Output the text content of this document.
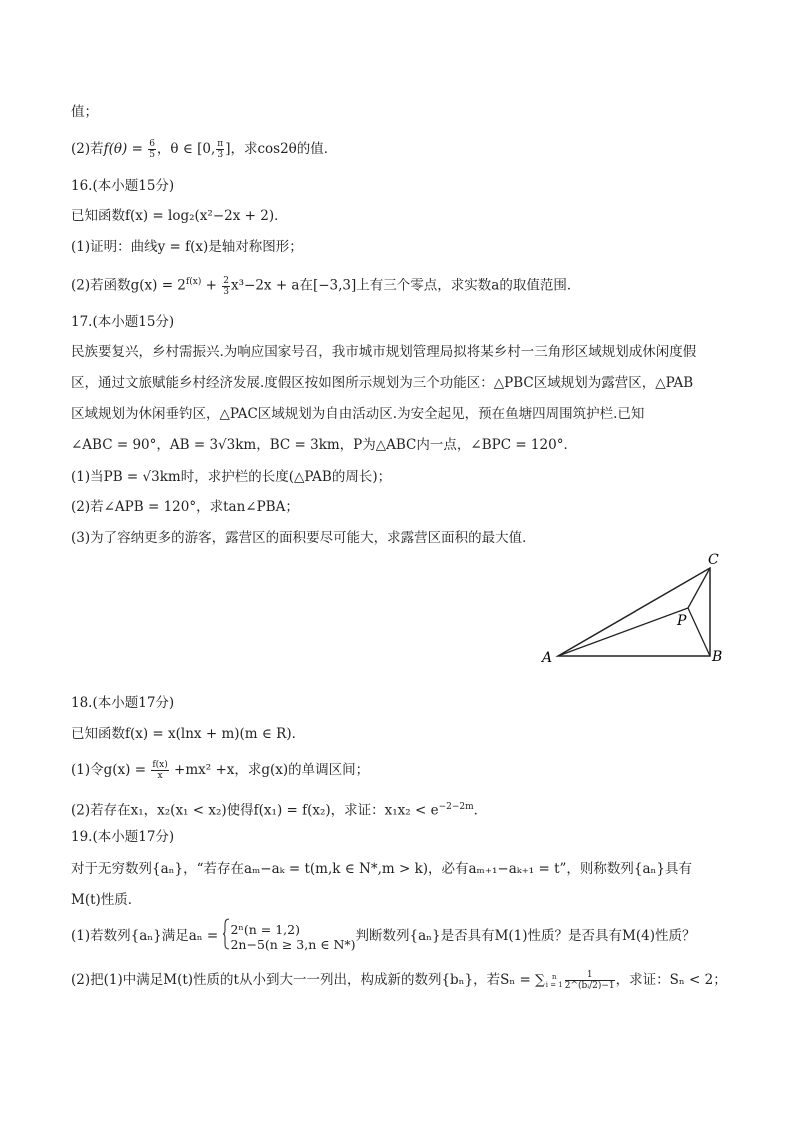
值；
(2)若$f(\theta) = \frac{6}{5}$ ，θ ∈ [0, $\frac{\pi}{3}$ ]，求cos2θ的值．
16.(本小题15分)
已知函数f(x) = log₂(x²−2x + 2)．
(1)证明：曲线y = f(x)是轴对称图形；
(2)若函数$g(x) = 2^{f(x)} + \frac{2}{3} x^3-2x + a$在[−3,3]上有三个零点，求实数a的取值范围．
17.(本小题15分)
民族要复兴，乡村需振兴.为响应国家号召，我市城市规划管理局拟将某乡村一三角形区域规划成休闲度假
区，通过文旅赋能乡村经济发展.度假区按如图所示规划为三个功能区：△PBC区域规划为露营区，△PAB
区域规划为休闲垂钓区，△PAC区域规划为自由活动区.为安全起见，预在鱼塘四周围筑护栏.已知
∠ABC = 90°，AB = 3√3km，BC = 3km，P为△ABC内一点，∠BPC = 120°．
(1)当PB = √3km时，求护栏的长度(△PAB的周长)；
(2)若∠APB = 120°，求tan∠PBA；
(3)为了容纳更多的游客，露营区的面积要尽可能大，求露营区面积的最大值．
A	B
C
P
18.(本小题17分)
已知函数f(x) = x(lnx + m)(m ∈ R)．
(1)令$g(x) = \frac{f(x)}{x} +mx^2 +x$，求g(x)的单调区间；
(2)若存在x₁，x₂(x₁ < x₂)使得f(x₁) = f(x₂)，求证：$x_1x_2 < e^{-2-2m}$．
19.(本小题17分)
对于无穷数列{aₙ}，“若存在aₘ−aₖ = t(m,k ∈ N*,m > k)，必有aₘ₊₁−aₖ₊₁ = t”，则称数列{aₙ}具有
M(t)性质．
(1)若数列{aₙ}满足aₙ = 2ⁿ(n = 1,2)
2n−5(n ≥ 3,n ∈ N*) 判断数列{aₙ}是否具有M(1)性质？是否具有M(4)性质？
(2)把(1)中满足M(t)性质的t从小到大一一列出，构成新的数列{bₙ}，若Sₙ = ∑	n
$i = 1 \frac{1}{\text{2\textasciicircum{}(bᵢ/2)−1}}$ ，求证：Sₙ < 2；
